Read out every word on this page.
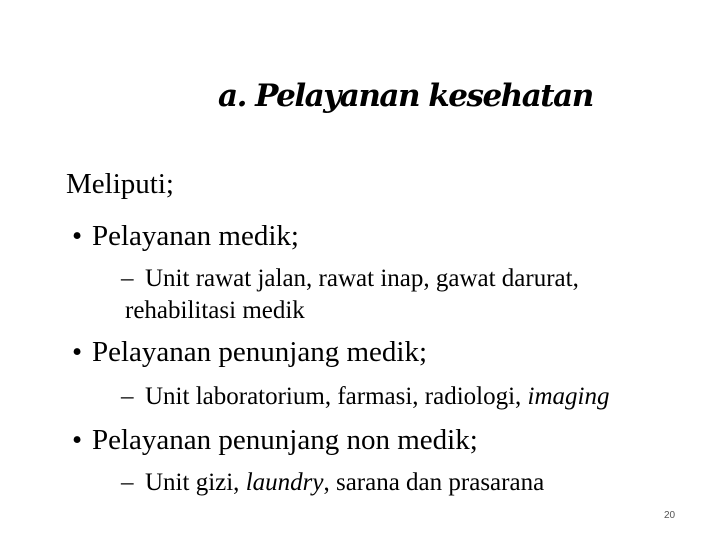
a. Pelayanan kesehatan
Meliputi;
• Pelayanan medik;
– Unit rawat jalan, rawat inap, gawat darurat,
rehabilitasi medik
• Pelayanan penunjang medik;
– Unit laboratorium, farmasi, radiologi, imaging
• Pelayanan penunjang non medik;
– Unit gizi, laundry, sarana dan prasarana
20
